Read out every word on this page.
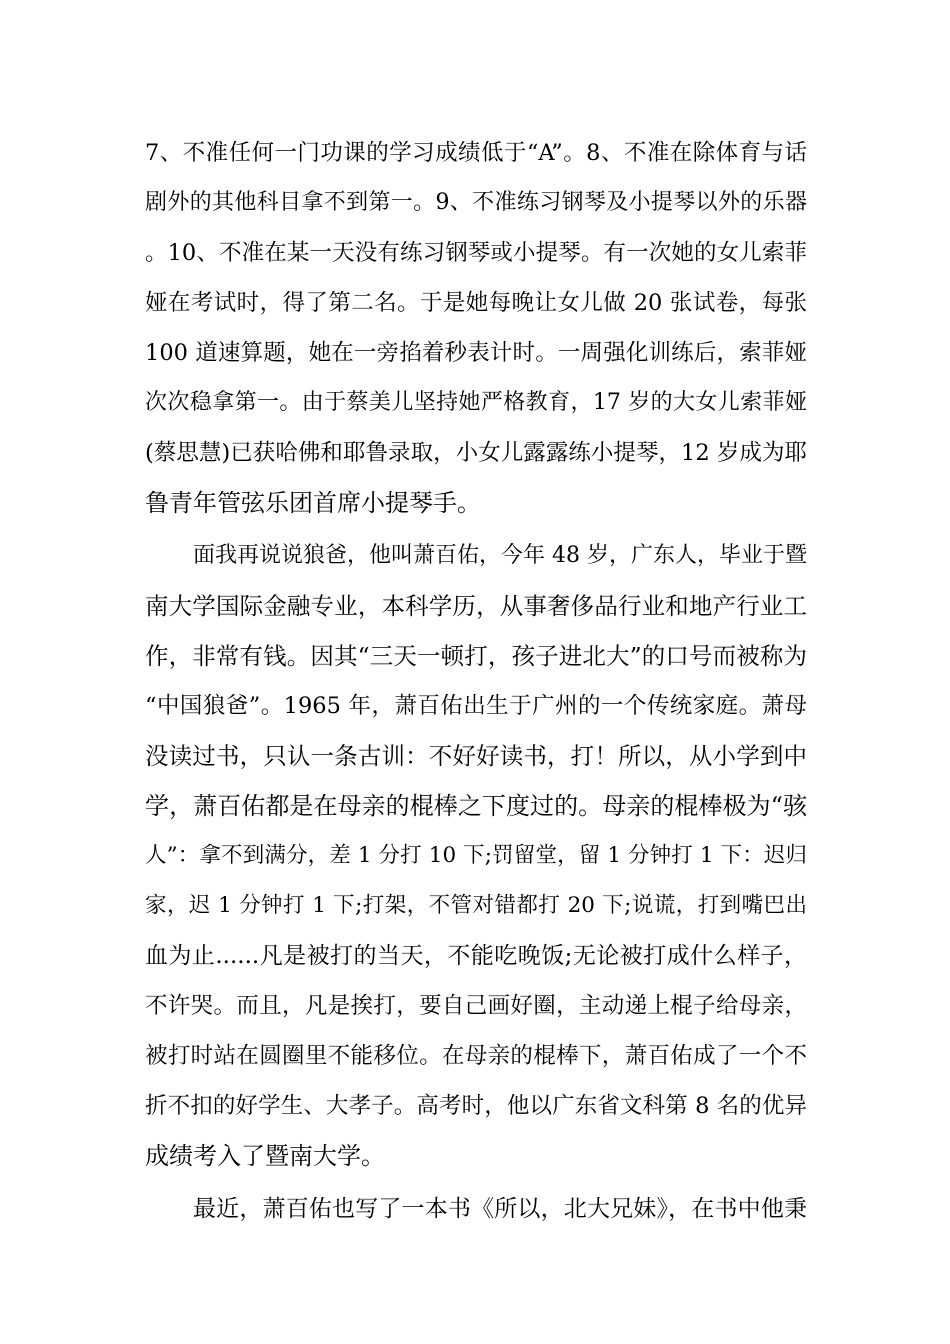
7、不准任何一门功课的学习成绩低于“A”。8、不准在除体育与话
剧外的其他科目拿不到第一。9、不准练习钢琴及小提琴以外的乐器
。10、不准在某一天没有练习钢琴或小提琴。有一次她的女儿索菲
娅在考试时，得了第二名。于是她每晚让女儿做 20 张试卷，每张
100 道速算题，她在一旁掐着秒表计时。一周强化训练后，索菲娅
次次稳拿第一。由于蔡美儿坚持她严格教育，17 岁的大女儿索菲娅
(蔡思慧)已获哈佛和耶鲁录取，小女儿露露练小提琴，12 岁成为耶
鲁青年管弦乐团首席小提琴手。
面我再说说狼爸，他叫萧百佑，今年 48 岁，广东人，毕业于暨
南大学国际金融专业，本科学历，从事奢侈品行业和地产行业工
作，非常有钱。因其“三天一顿打，孩子进北大”的口号而被称为
“中国狼爸”。1965 年，萧百佑出生于广州的一个传统家庭。萧母
没读过书，只认一条古训：不好好读书，打！所以，从小学到中
学，萧百佑都是在母亲的棍棒之下度过的。母亲的棍棒极为“骇
人”：拿不到满分，差 1 分打 10 下;罚留堂，留 1 分钟打 1 下：迟归
家，迟 1 分钟打 1 下;打架，不管对错都打 20 下;说谎，打到嘴巴出
血为止......凡是被打的当天，不能吃晚饭;无论被打成什么样子，
不许哭。而且，凡是挨打，要自己画好圈，主动递上棍子给母亲，
被打时站在圆圈里不能移位。在母亲的棍棒下，萧百佑成了一个不
折不扣的好学生、大孝子。高考时，他以广东省文科第 8 名的优异
成绩考入了暨南大学。
最近，萧百佑也写了一本书《所以，北大兄妹》，在书中他秉
